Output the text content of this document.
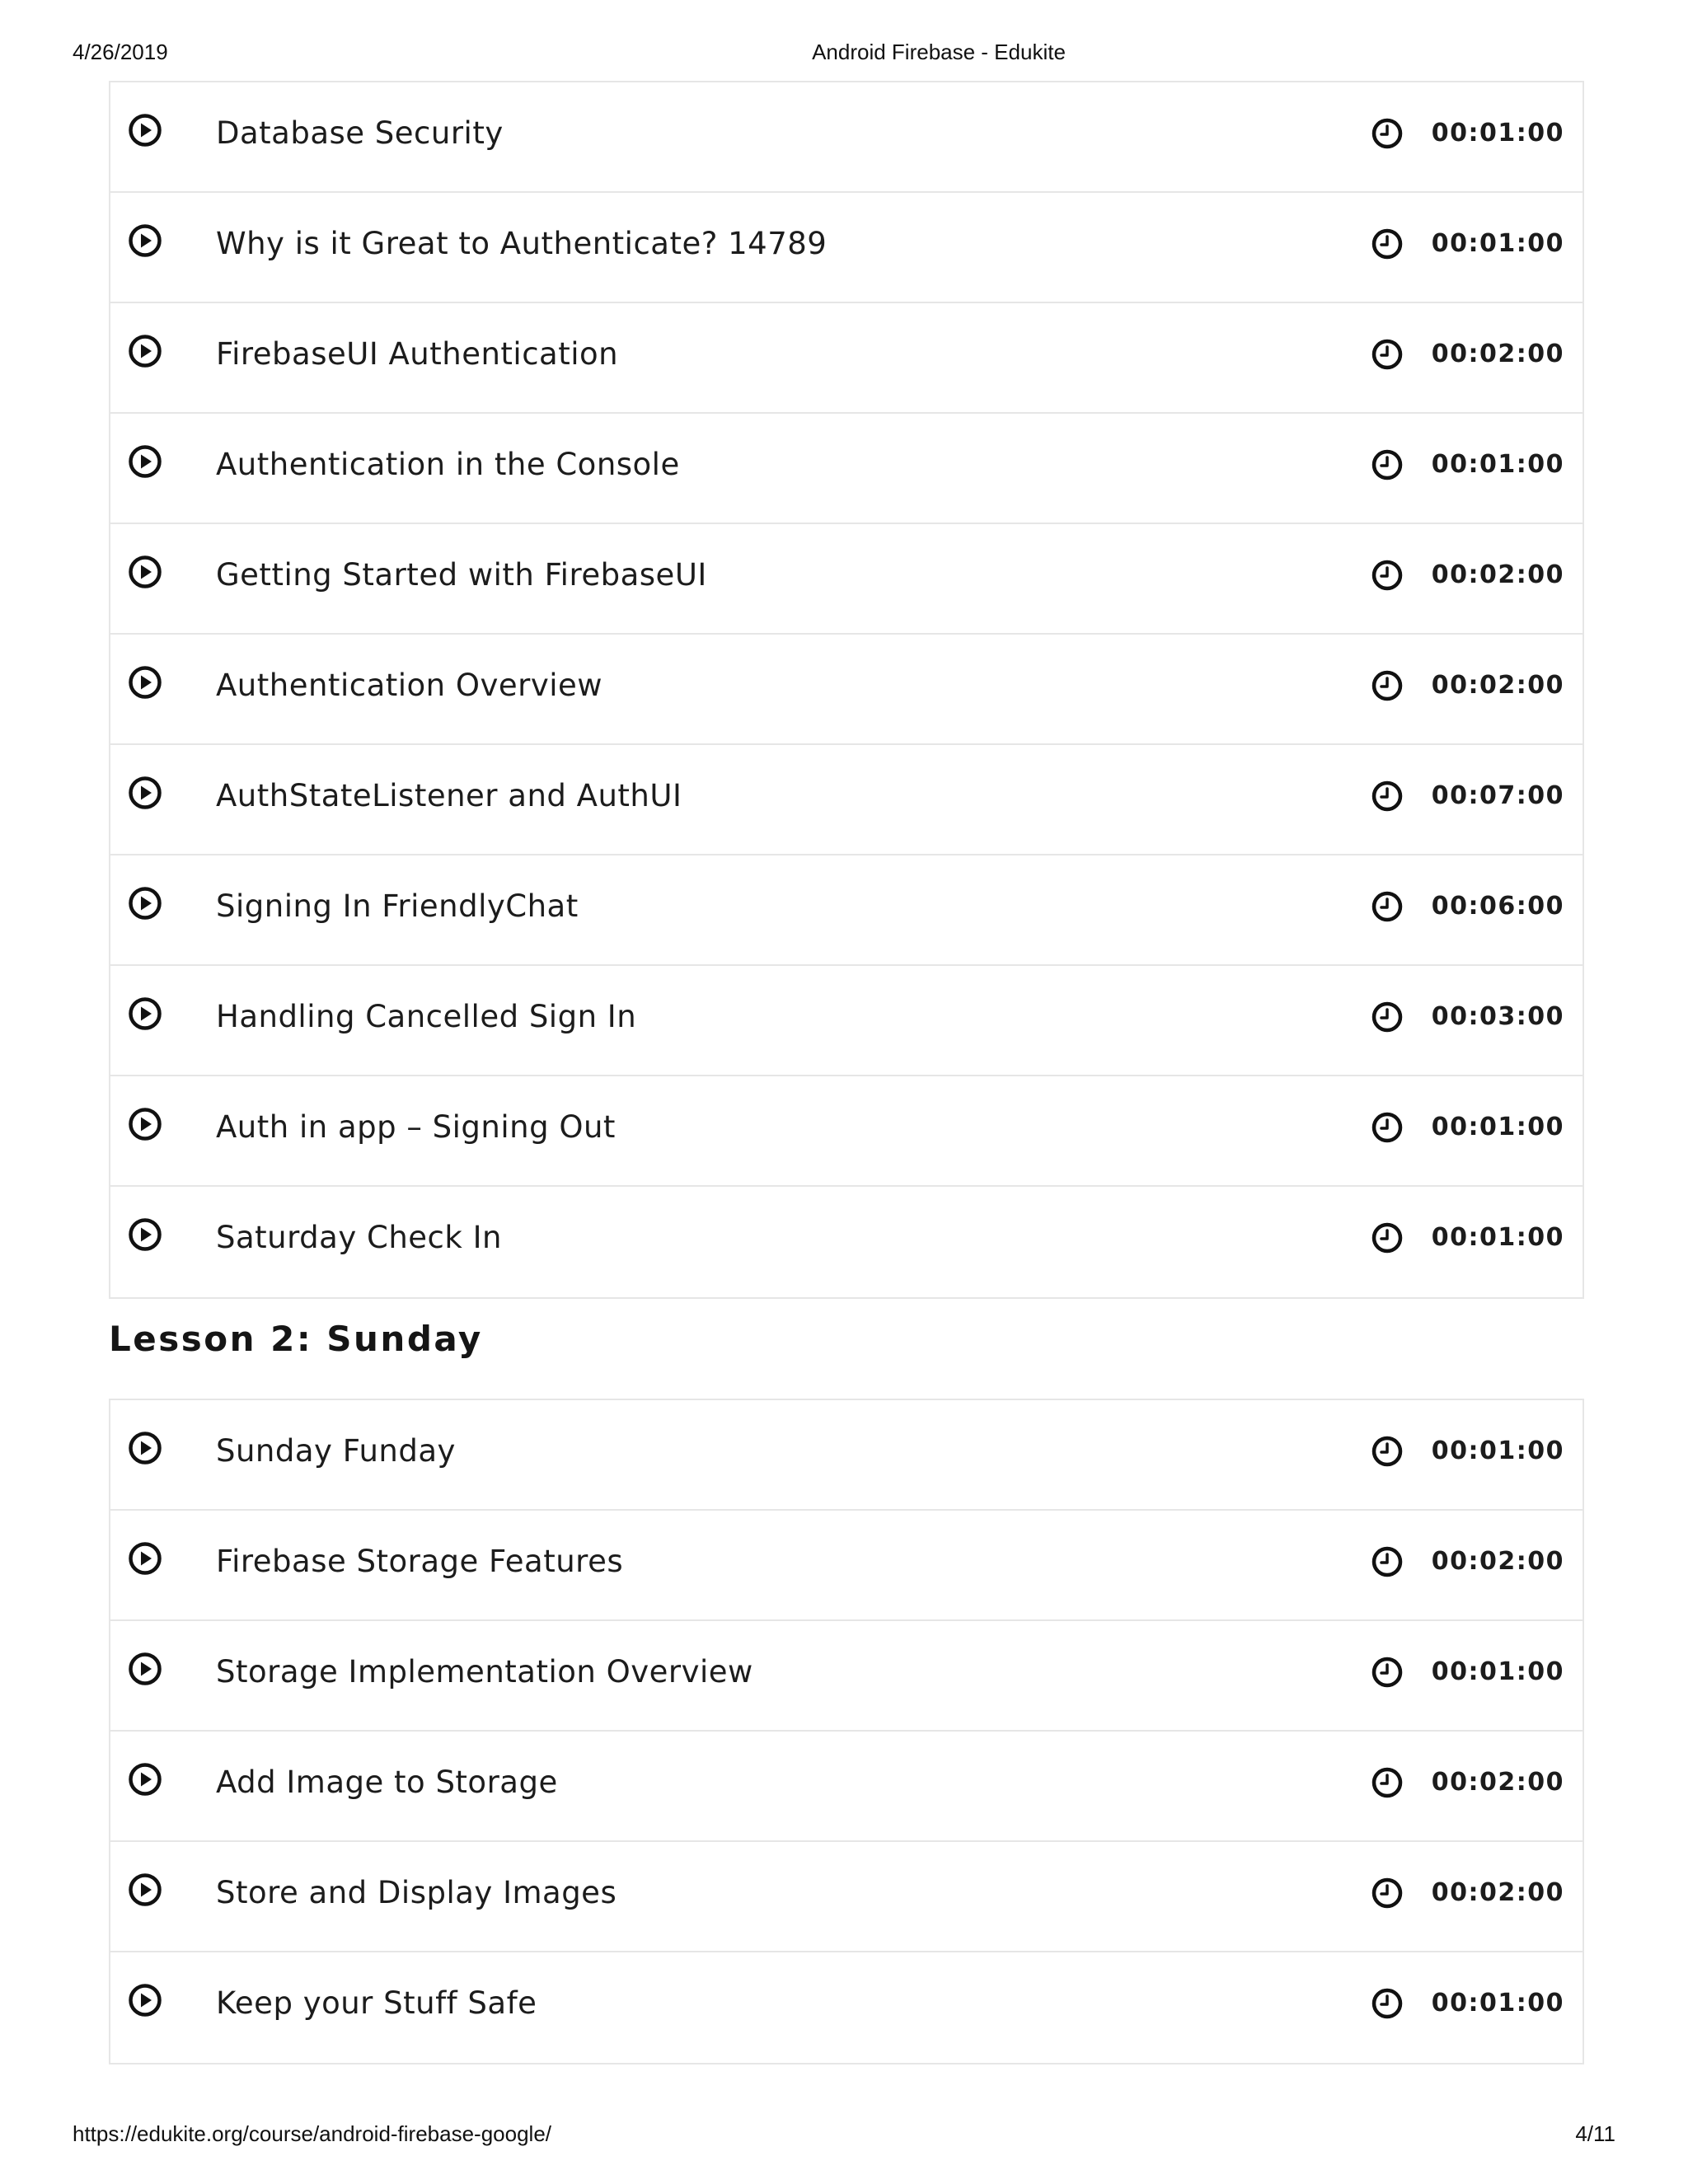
4/26/2019	Android Firebase - Edukite
Database Security	00:01:00
Why is it Great to Authenticate? 14789	00:01:00
FirebaseUI Authentication	00:02:00
Authentication in the Console	00:01:00
Getting Started with FirebaseUI	00:02:00
Authentication Overview	00:02:00
AuthStateListener and AuthUI	00:07:00
Signing In FriendlyChat	00:06:00
Handling Cancelled Sign In	00:03:00
Auth in app – Signing Out	00:01:00
Saturday Check In	00:01:00
Lesson 2: Sunday
Sunday Funday	00:01:00
Firebase Storage Features	00:02:00
Storage Implementation Overview	00:01:00
Add Image to Storage	00:02:00
Store and Display Images	00:02:00
Keep your Stuff Safe	00:01:00
https://edukite.org/course/android-firebase-google/	4/11
